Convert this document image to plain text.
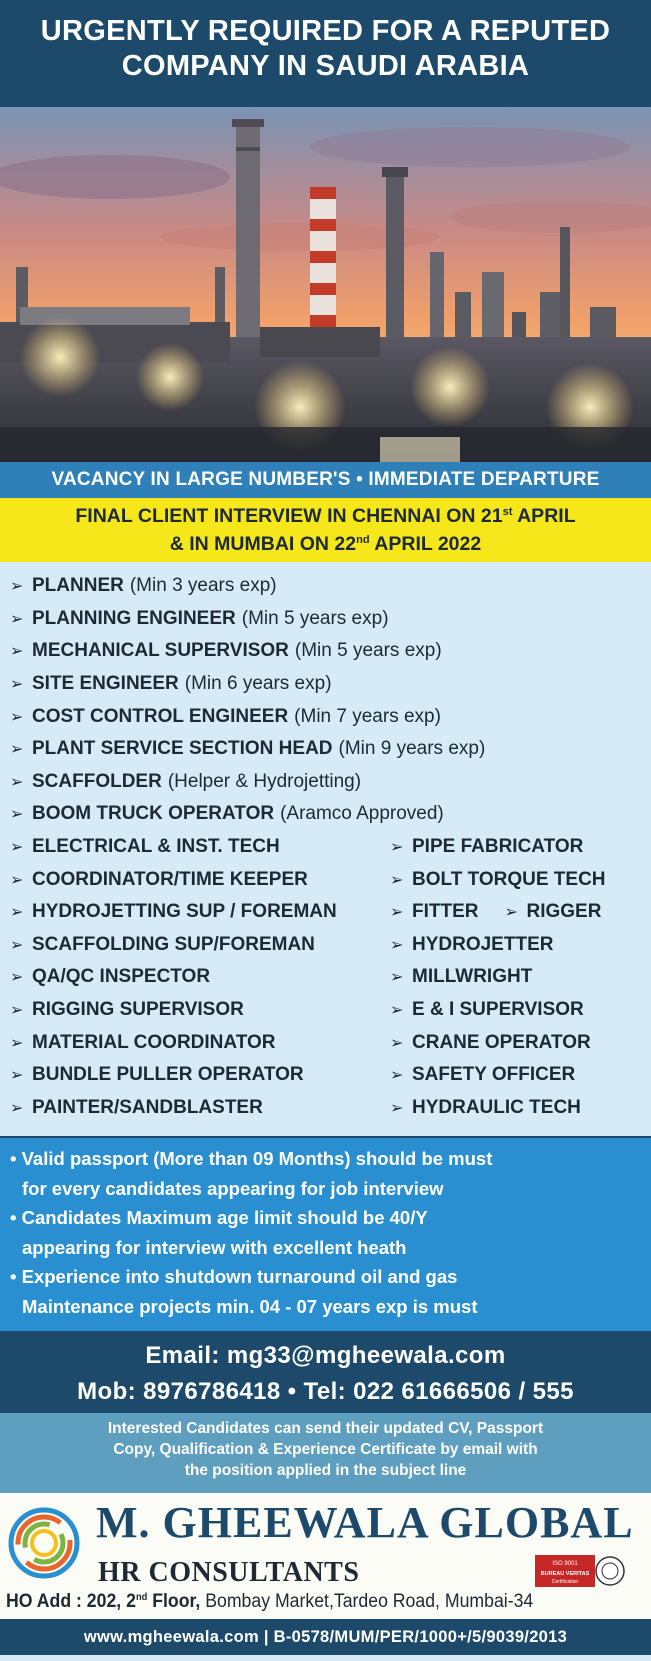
URGENTLY REQUIRED FOR A REPUTED
COMPANY IN SAUDI ARABIA
VACANCY IN LARGE NUMBER'S • IMMEDIATE DEPARTURE
FINAL CLIENT INTERVIEW IN CHENNAI ON 21st APRIL
& IN MUMBAI ON 22nd APRIL 2022
➢ PLANNER (Min 3 years exp)
➢ PLANNING ENGINEER (Min 5 years exp)
➢ MECHANICAL SUPERVISOR (Min 5 years exp)
➢ SITE ENGINEER (Min 6 years exp)
➢ COST CONTROL ENGINEER (Min 7 years exp)
➢ PLANT SERVICE SECTION HEAD (Min 9 years exp)
➢ SCAFFOLDER (Helper & Hydrojetting)
➢ BOOM TRUCK OPERATOR (Aramco Approved)
➢ ELECTRICAL & INST. TECH
➢ COORDINATOR/TIME KEEPER
➢ HYDROJETTING SUP / FOREMAN
➢ SCAFFOLDING SUP/FOREMAN
➢ QA/QC INSPECTOR
➢ RIGGING SUPERVISOR
➢ MATERIAL COORDINATOR
➢ BUNDLE PULLER OPERATOR
➢ PAINTER/SANDBLASTER
➢ PIPE FABRICATOR
➢ BOLT TORQUE TECH
➢ FITTER ➢ RIGGER
➢ HYDROJETTER
➢ MILLWRIGHT
➢ E & I SUPERVISOR
➢ CRANE OPERATOR
➢ SAFETY OFFICER
➢ HYDRAULIC TECH
• Valid passport (More than 09 Months) should be must
for every candidates appearing for job interview
• Candidates Maximum age limit should be 40/Y
appearing for interview with excellent heath
• Experience into shutdown turnaround oil and gas
Maintenance projects min. 04 - 07 years exp is must
Email: mg33@mgheewala.com
Mob: 8976786418 • Tel: 022 61666506 / 555
Interested Candidates can send their updated CV, Passport
Copy, Qualification & Experience Certificate by email with
the position applied in the subject line
M. GHEEWALA GLOBAL
HR CONSULTANTS	ISO 9001
BUREAU VERITAS
Certification
HO Add : 202, 2nd Floor, Bombay Market,Tardeo Road, Mumbai-34
www.mgheewala.com | B-0578/MUM/PER/1000+/5/9039/2013
